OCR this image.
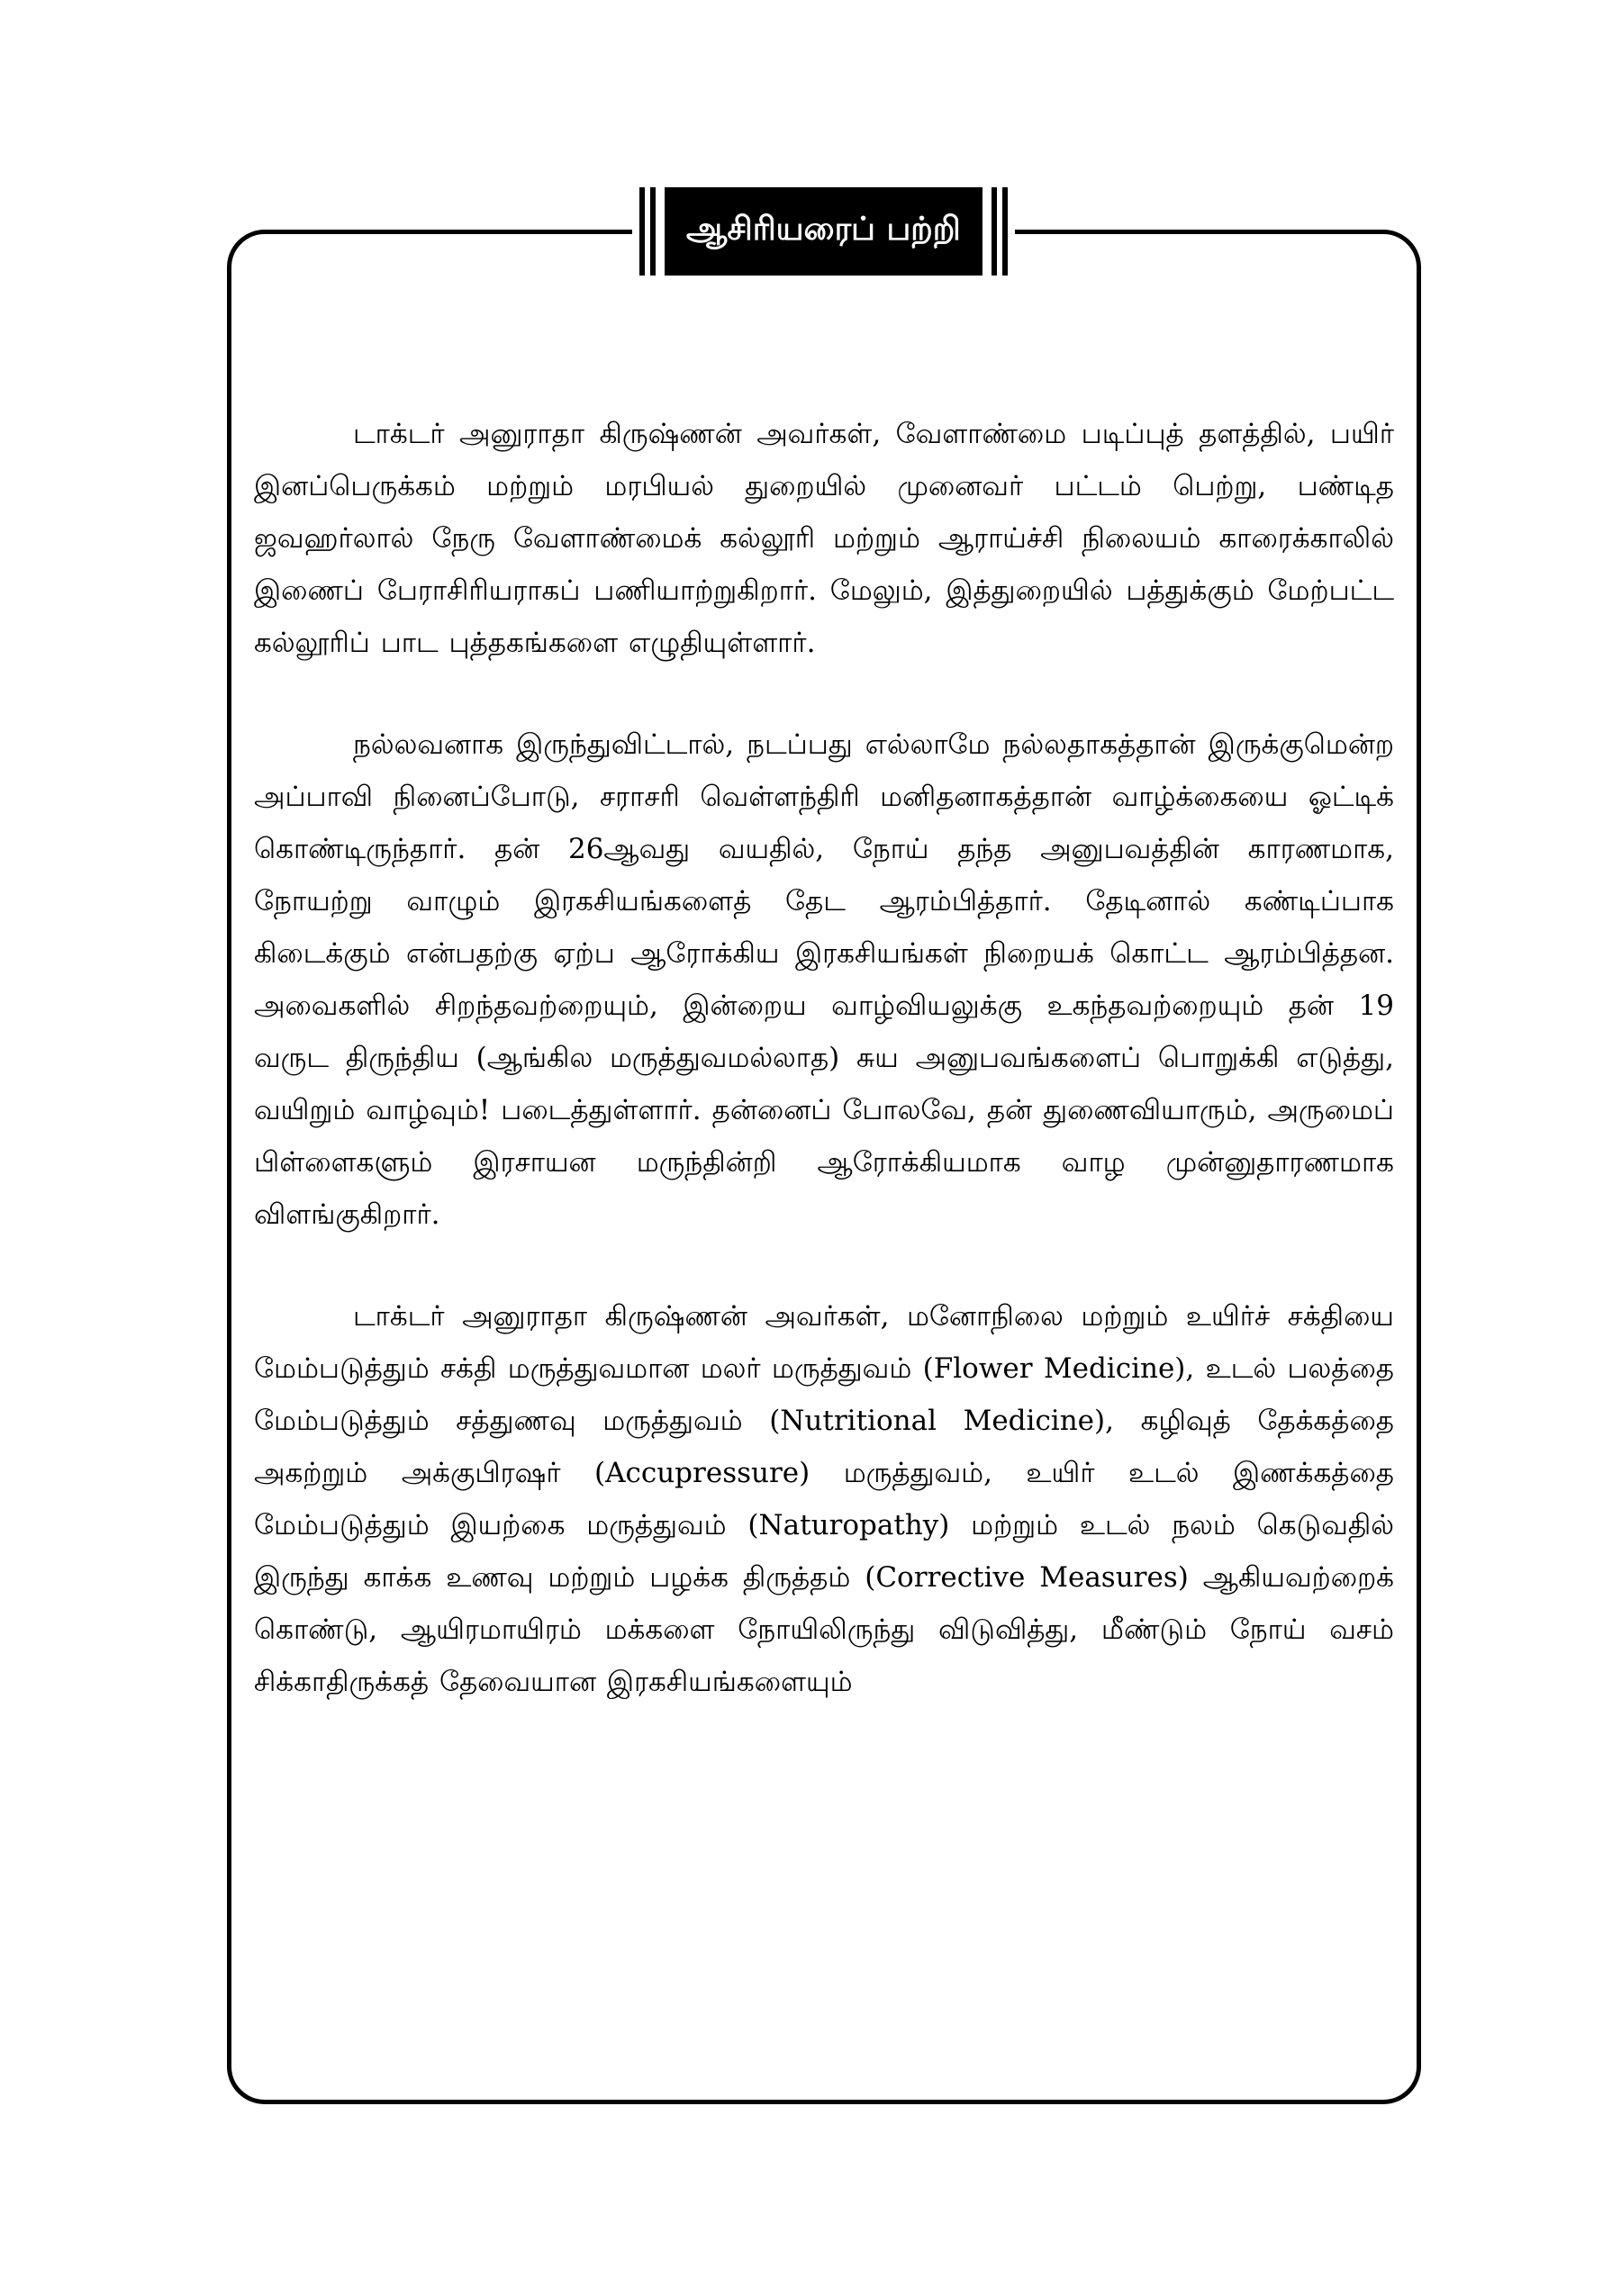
ஆசிரியரைப் பற்றி

டாக்டர் அனுராதா கிருஷ்ணன் அவர்கள், வேளாண்மை படிப்புத் தளத்தில், பயிர் இனப்பெருக்கம் மற்றும் மரபியல் துறையில் முனைவர் பட்டம் பெற்று, பண்டித ஜவஹர்லால் நேரு வேளாண்மைக் கல்லூரி மற்றும் ஆராய்ச்சி நிலையம் காரைக்காலில் இணைப் பேராசிரியராகப் பணியாற்றுகிறார். மேலும், இத்துறையில் பத்துக்கும் மேற்பட்ட கல்லூரிப் பாட புத்தகங்களை எழுதியுள்ளார்.

நல்லவனாக இருந்துவிட்டால், நடப்பது எல்லாமே நல்லதாகத்தான் இருக்குமென்ற அப்பாவி நினைப்போடு, சராசரி வெள்ளந்திரி மனிதனாகத்தான் வாழ்க்கையை ஓட்டிக் கொண்டிருந்தார். தன் 26ஆவது வயதில், நோய் தந்த அனுபவத்தின் காரணமாக, நோயற்று வாழும் இரகசியங்களைத் தேட ஆரம்பித்தார். தேடினால் கண்டிப்பாக கிடைக்கும் என்பதற்கு ஏற்ப ஆரோக்கிய இரகசியங்கள் நிறையக் கொட்ட ஆரம்பித்தன. அவைகளில் சிறந்தவற்றையும், இன்றைய வாழ்வியலுக்கு உகந்தவற்றையும் தன் 19 வருட திருந்திய (ஆங்கில மருத்துவமல்லாத) சுய அனுபவங்களைப் பொறுக்கி எடுத்து, வயிறும் வாழ்வும்! படைத்துள்ளார். தன்னைப் போலவே, தன் துணைவியாரும், அருமைப் பிள்ளைகளும் இரசாயன மருந்தின்றி ஆரோக்கியமாக வாழ முன்னுதாரணமாக விளங்குகிறார்.

டாக்டர் அனுராதா கிருஷ்ணன் அவர்கள், மனோநிலை மற்றும் உயிர்ச் சக்தியை மேம்படுத்தும் சக்தி மருத்துவமான மலர் மருத்துவம் (Flower Medicine), உடல் பலத்தை மேம்படுத்தும் சத்துணவு மருத்துவம் (Nutritional Medicine), கழிவுத் தேக்கத்தை அகற்றும் அக்குபிரஷர் (Accupressure) மருத்துவம், உயிர் உடல் இணக்கத்தை மேம்படுத்தும் இயற்கை மருத்துவம் (Naturopathy) மற்றும் உடல் நலம் கெடுவதில் இருந்து காக்க உணவு மற்றும் பழக்க திருத்தம் (Corrective Measures) ஆகியவற்றைக் கொண்டு, ஆயிரமாயிரம் மக்களை நோயிலிருந்து விடுவித்து, மீண்டும் நோய் வசம் சிக்காதிருக்கத் தேவையான இரகசியங்களையும்
